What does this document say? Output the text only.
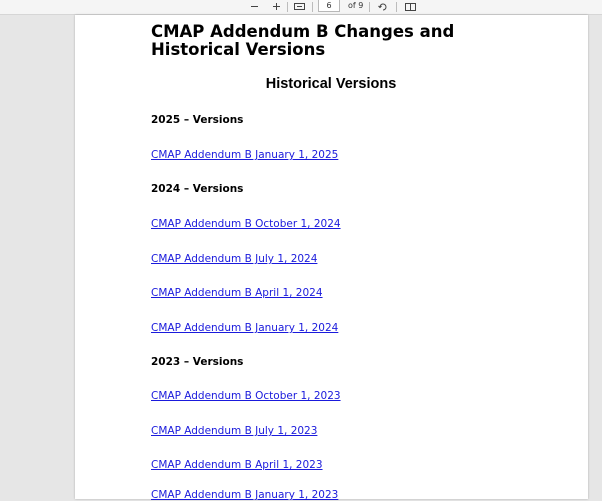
6
of 9
CMAP Addendum B Changes and Historical Versions
Historical Versions
2025 – Versions
CMAP Addendum B January 1, 2025
2024 – Versions
CMAP Addendum B October 1, 2024
CMAP Addendum B July 1, 2024
CMAP Addendum B April 1, 2024
CMAP Addendum B January 1, 2024
2023 – Versions
CMAP Addendum B October 1, 2023
CMAP Addendum B July 1, 2023
CMAP Addendum B April 1, 2023
CMAP Addendum B January 1, 2023
